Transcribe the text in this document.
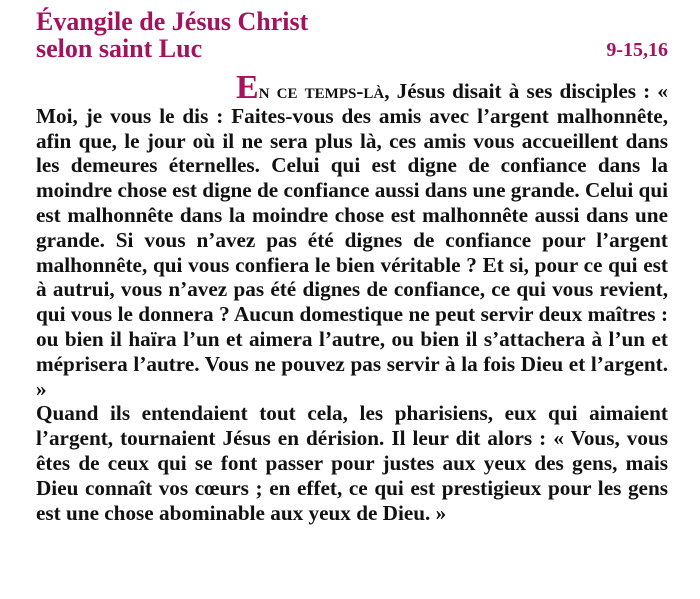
Évangile de Jésus Christ
selon saint Luc	9-15,16

En ce temps-là, Jésus disait à ses disciples : « Moi, je vous le dis : Faites-vous des amis avec l’argent malhonnête, afin que, le jour où il ne sera plus là, ces amis vous accueillent dans les demeures éternelles. Celui qui est digne de confiance dans la moindre chose est digne de confiance aussi dans une grande. Celui qui est malhonnête dans la moindre chose est malhonnête aussi dans une grande. Si vous n’avez pas été dignes de confiance pour l’argent malhonnête, qui vous confiera le bien véritable ? Et si, pour ce qui est à autrui, vous n’avez pas été dignes de confiance, ce qui vous revient, qui vous le donnera ? Aucun domestique ne peut servir deux maîtres : ou bien il haïra l’un et aimera l’autre, ou bien il s’attachera à l’un et méprisera l’autre. Vous ne pouvez pas servir à la fois Dieu et l’argent. »

Quand ils entendaient tout cela, les pharisiens, eux qui aimaient l’argent, tournaient Jésus en dérision. Il leur dit alors : « Vous, vous êtes de ceux qui se font passer pour justes aux yeux des gens, mais Dieu connaît vos cœurs ; en effet, ce qui est prestigieux pour les gens est une chose abominable aux yeux de Dieu. »
